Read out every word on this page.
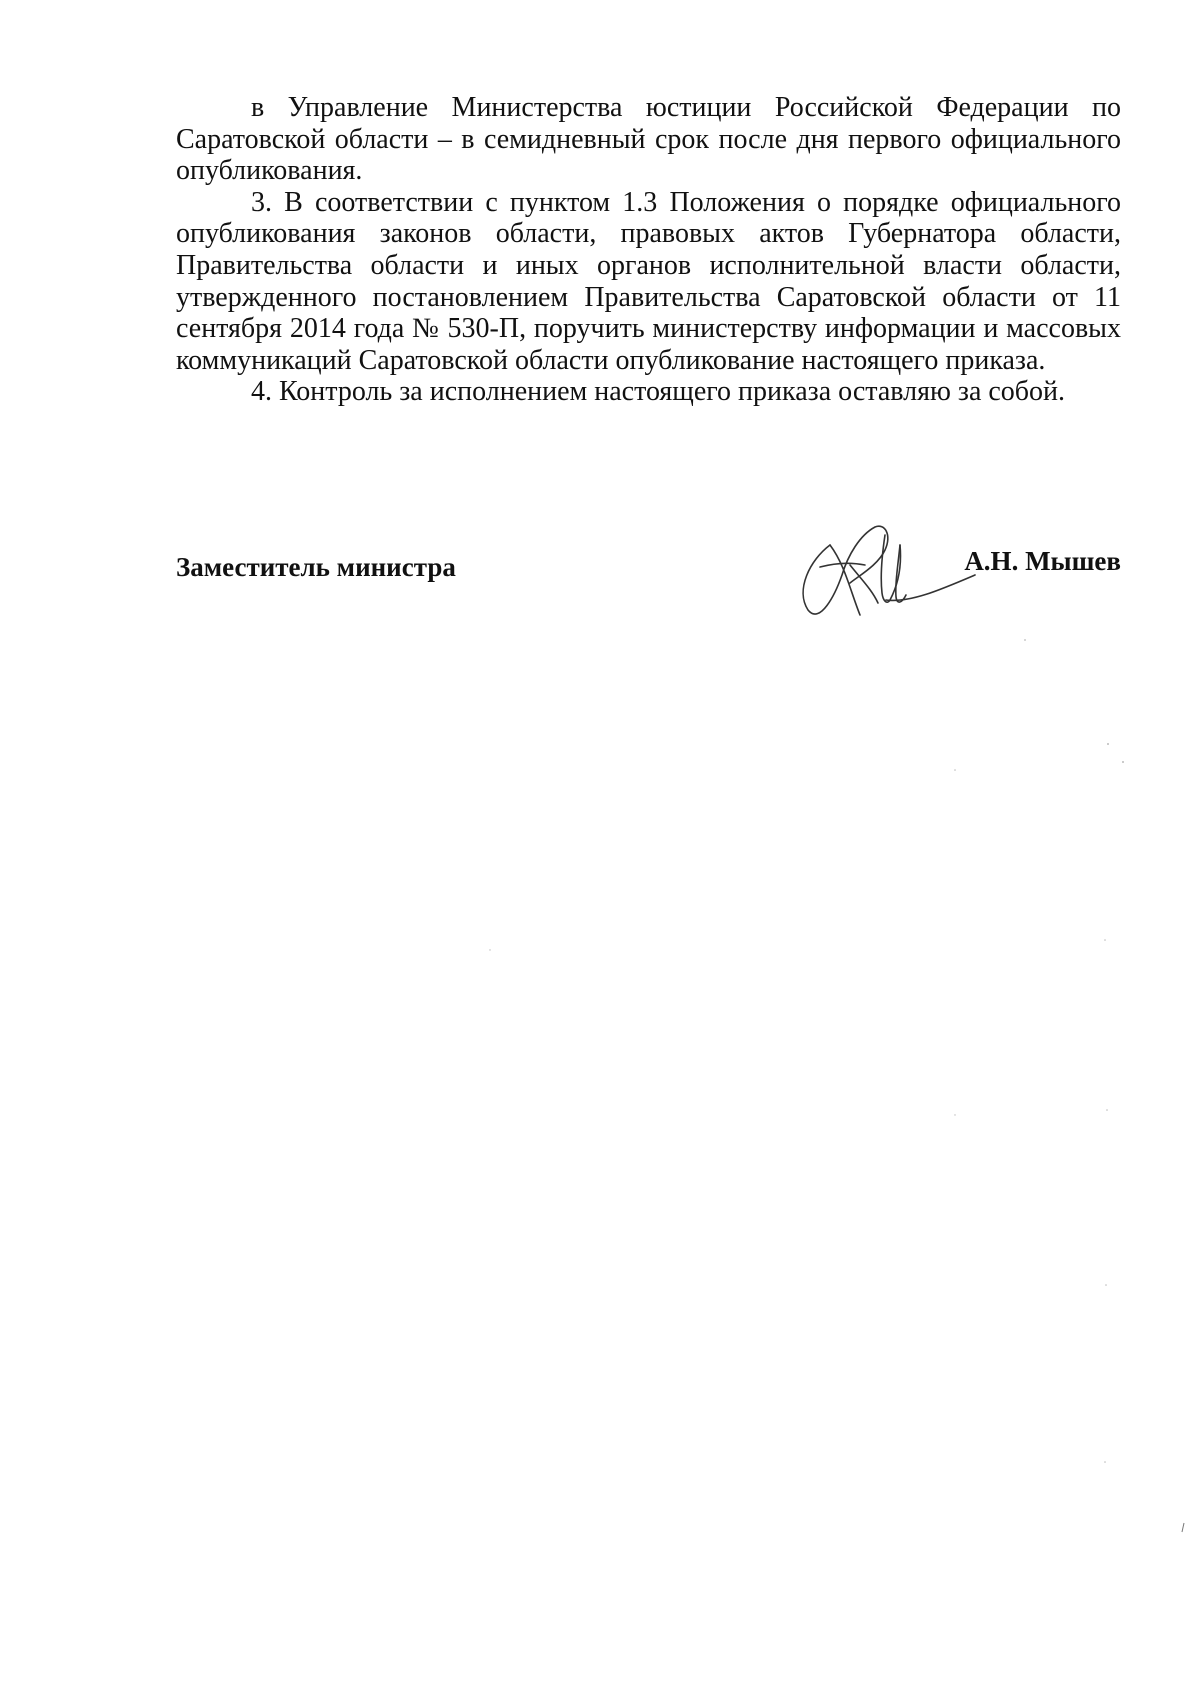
в Управление Министерства юстиции Российской Федерации по Саратовской области – в семидневный срок после дня первого официального опубликования.

3. В соответствии с пунктом 1.3 Положения о порядке официального опубликования законов области, правовых актов Губернатора области, Правительства области и иных органов исполнительной власти области, утвержденного постановлением Правительства Саратовской области от 11 сентября 2014 года № 530-П, поручить министерству информации и массовых коммуникаций Саратовской области опубликование настоящего приказа.

4. Контроль за исполнением настоящего приказа оставляю за собой.

Заместитель министра	А.Н. Мышев
